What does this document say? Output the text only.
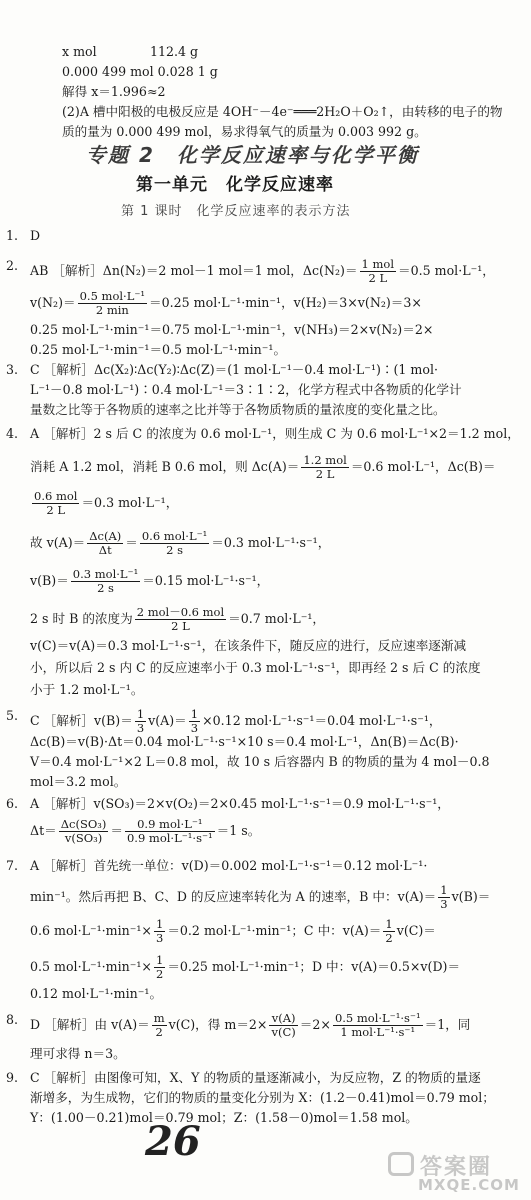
x mol	112.4 g
0.000 499 mol 0.028 1 g
解得 x＝1.996≈2
(2)A 槽中阳极的电极反应是 4OH⁻－4e⁻═══2H₂O＋O₂↑，由转移的电子的物
质的量为 0.000 499 mol，易求得氧气的质量为 0.003 992 g。
专题 2　化学反应速率与化学平衡
第一单元　化学反应速率
第 1 课时　化学反应速率的表示方法
1. D
2. AB ［解析］Δn(N₂)＝2 mol－1 mol＝1 mol，$\Delta c(N_2)= \frac{\text{1 mol}}{2 L} =0.5$ mol·L⁻¹，
$v(N_2)= \frac{\text{0.5 mol·L⁻¹}}{2 \min} =0.25$ mol·L⁻¹·min⁻¹，v(H₂)＝3×v(N₂)＝3×
0.25 mol·L⁻¹·min⁻¹＝0.75 mol·L⁻¹·min⁻¹，v(NH₃)＝2×v(N₂)＝2×
0.25 mol·L⁻¹·min⁻¹＝0.5 mol·L⁻¹·min⁻¹。
3. C ［解析］Δc(X₂)∶Δc(Y₂)∶Δc(Z)＝(1 mol·L⁻¹－0.4 mol·L⁻¹)∶(1 mol·
L⁻¹－0.8 mol·L⁻¹)∶0.4 mol·L⁻¹＝3∶1∶2，化学方程式中各物质的化学计
量数之比等于各物质的速率之比并等于各物质物质的量浓度的变化量之比。
4. A ［解析］2 s 后 C 的浓度为 0.6 mol·L⁻¹，则生成 C 为 0.6 mol·L⁻¹×2＝1.2 mol，
消耗 A 1.2 mol，消耗 B 0.6 mol，则 $\Delta c(A)= \frac{\text{1.2 mol}}{2 L} =0.6$ mol·L⁻¹，Δc(B)＝
$\frac{\text{0.6 mol}}{2 L} =0.3$ mol·L⁻¹，
故 $v(A)= \frac{\Delta c(A)}{\Delta t} = \frac{\text{0.6 mol·L⁻¹}}{2 s} =0.3$ mol·L⁻¹·s⁻¹，
$v(B)= \frac{\text{0.3 mol·L⁻¹}}{2 s} =0.15$ mol·L⁻¹·s⁻¹，
2 s 时 B 的浓度为 $\frac{\text{2 mol－0.6 mol}}{2 L} =0.7$ mol·L⁻¹，
v(C)＝v(A)＝0.3 mol·L⁻¹·s⁻¹，在该条件下，随反应的进行，反应速率逐渐减
小，所以后 2 s 内 C 的反应速率小于 0.3 mol·L⁻¹·s⁻¹，即再经 2 s 后 C 的浓度
小于 1.2 mol·L⁻¹。
5. C ［解析］v(B)＝ $\frac{1}{3} v(A)= \frac{1}{3} \times 0.12$ mol·L⁻¹·s⁻¹＝0.04 mol·L⁻¹·s⁻¹，
Δc(B)＝v(B)·Δt＝0.04 mol·L⁻¹·s⁻¹×10 s＝0.4 mol·L⁻¹，Δn(B)＝Δc(B)·
V＝0.4 mol·L⁻¹×2 L＝0.8 mol，故 10 s 后容器内 B 的物质的量为 4 mol－0.8
mol＝3.2 mol。
6. A ［解析］v(SO₃)＝2×v(O₂)＝2×0.45 mol·L⁻¹·s⁻¹＝0.9 mol·L⁻¹·s⁻¹，
$\Delta t= \frac{\text{Δc(SO₃)}}{\text{v(SO₃)}} = \frac{\text{0.9 mol·L⁻¹}}{\text{0.9 mol·L⁻¹·s⁻¹}} =1$ s。
7. A ［解析］首先统一单位：v(D)＝0.002 mol·L⁻¹·s⁻¹＝0.12 mol·L⁻¹·
min⁻¹。然后再把 B、C、D 的反应速率转化为 A 的速率，B 中：$v(A)= \frac{1}{3} v(B)=$
0.6 $mol\cdot L^{-1}\cdot\min^{-1}\times \frac{1}{3} =0.2$ mol·L⁻¹·min⁻¹；C 中：$v(A)= \frac{1}{2} v(C)=$
0.5 $mol\cdot L^{-1}\cdot\min^{-1}\times \frac{1}{2} =0.25$ mol·L⁻¹·min⁻¹；D 中：v(A)＝0.5×v(D)＝
0.12 mol·L⁻¹·min⁻¹。
8. D ［解析］由 $v(A)= \frac{m}{2} v(C)$，得 $m=2\times \frac{v(A)}{v(C)} =2\times \frac{\text{0.5 mol·L⁻¹·s⁻¹}}{\text{1 mol·L⁻¹·s⁻¹}} =1$，同
理可求得 n＝3。
9. C ［解析］由图像可知，X、Y 的物质的量逐渐减小，为反应物，Z 的物质的量逐
渐增多，为生成物，它们的物质的量变化分别为 X：(1.2－0.41)mol＝0.79 mol；
Y：(1.00－0.21)mol＝0.79 mol；Z：(1.58－0)mol＝1.58 mol。
26
答案圈
MXQE.COM
